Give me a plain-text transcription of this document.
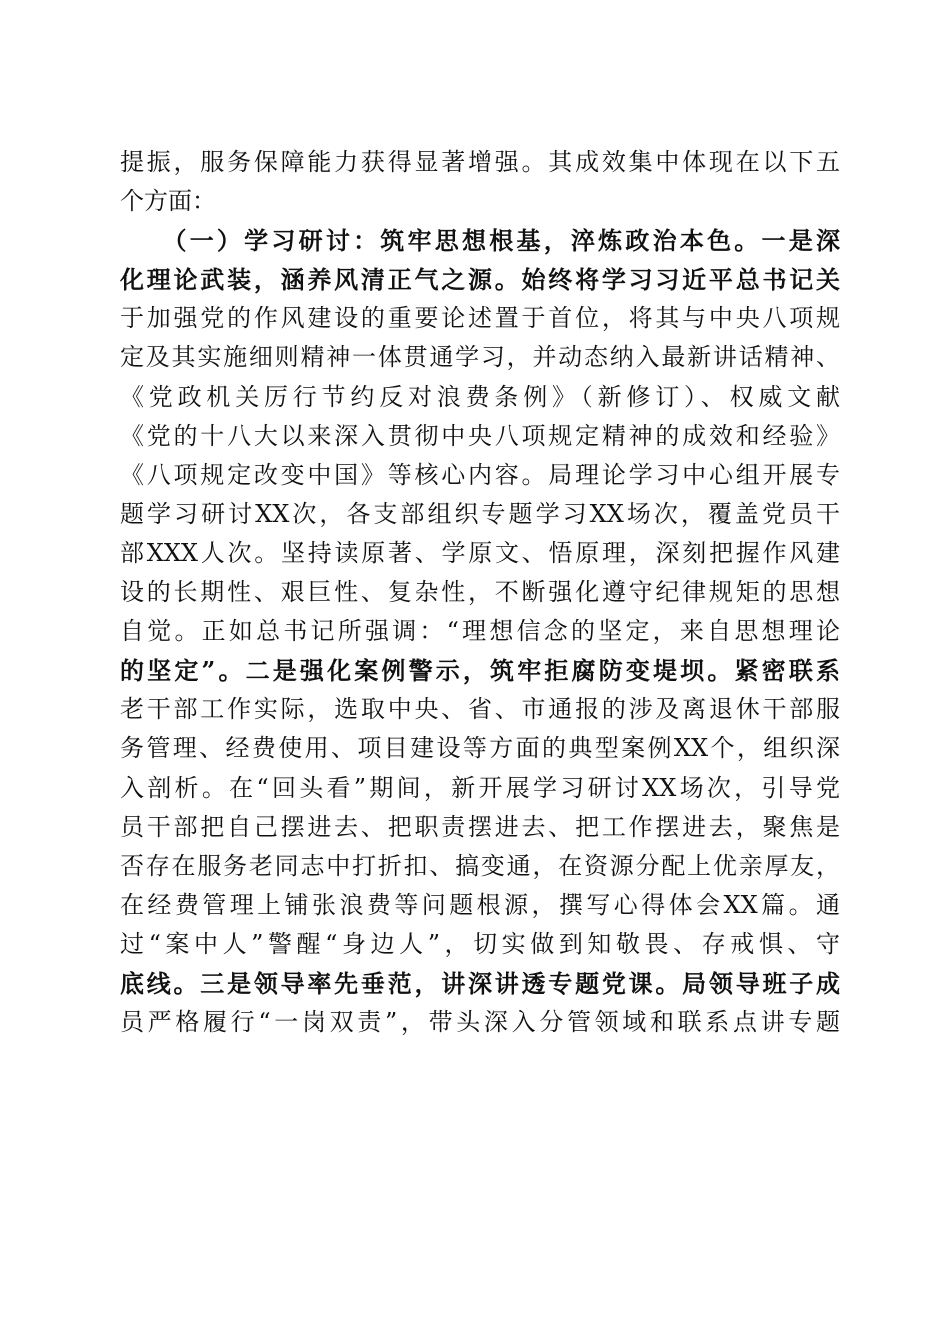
提振，服务保障能力获得显著增强。其成效集中体现在以下五
个方面：
　　（一）学习研讨：筑牢思想根基，淬炼政治本色。一是深
化理论武装，涵养风清正气之源。始终将学习习近平总书记关
于加强党的作风建设的重要论述置于首位，将其与中央八项规
定及其实施细则精神一体贯通学习，并动态纳入最新讲话精神、
《党政机关厉行节约反对浪费条例》（新修订）、权威文献
《党的十八大以来深入贯彻中央八项规定精神的成效和经验》
《八项规定改变中国》等核心内容。局理论学习中心组开展专
题学习研讨XX次，各支部组织专题学习XX场次，覆盖党员干
部XXX人次。坚持读原著、学原文、悟原理，深刻把握作风建
设的长期性、艰巨性、复杂性，不断强化遵守纪律规矩的思想
自觉。正如总书记所强调：“理想信念的坚定，来自思想理论
的坚定”。二是强化案例警示，筑牢拒腐防变堤坝。紧密联系
老干部工作实际，选取中央、省、市通报的涉及离退休干部服
务管理、经费使用、项目建设等方面的典型案例XX个，组织深
入剖析。在“回头看”期间，新开展学习研讨XX场次，引导党
员干部把自己摆进去、把职责摆进去、把工作摆进去，聚焦是
否存在服务老同志中打折扣、搞变通，在资源分配上优亲厚友，
在经费管理上铺张浪费等问题根源，撰写心得体会XX篇。通
过“案中人”警醒“身边人”，切实做到知敬畏、存戒惧、守
底线。三是领导率先垂范，讲深讲透专题党课。局领导班子成
员严格履行“一岗双责”，带头深入分管领域和联系点讲专题
